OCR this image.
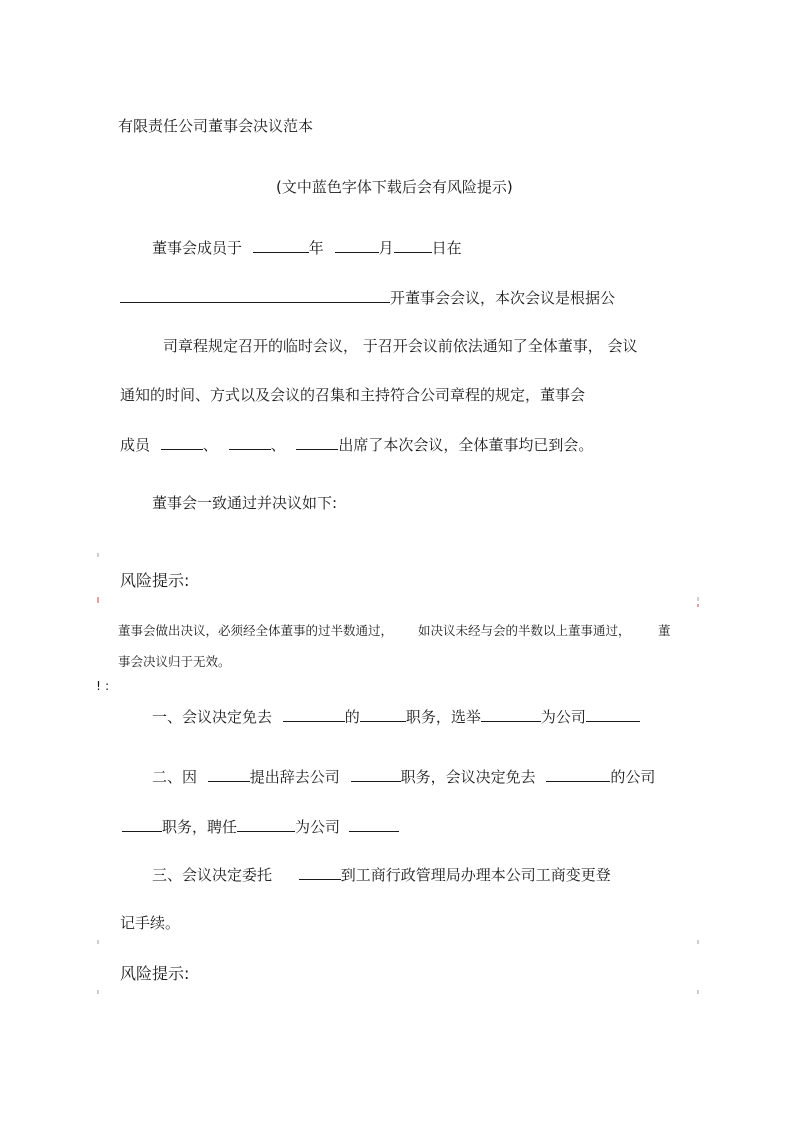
有限责任公司董事会决议范本
(文中蓝色字体下载后会有风险提示)
董事会成员于	年	月	日在
开董事会会议，本次会议是根据公
司章程规定召开的临时会议， 于召开会议前依法通知了全体董事， 会议
通知的时间、方式以及会议的召集和主持符合公司章程的规定，董事会
成员	、	、	出席了本次会议，全体董事均已到会。
董事会一致通过并决议如下:
风险提示:
董事会做出决议，必须经全体董事的过半数通过， 如决议未经与会的半数以上董事通过， 董
事会决议归于无效。
! :
一、会议决定免去	的	职务，选举	为公司
二、因	提出辞去公司	职务，会议决定免去	的公司
职务，聘任	为公司
三、会议决定委托	到工商行政管理局办理本公司工商变更登
记手续。
风险提示:
